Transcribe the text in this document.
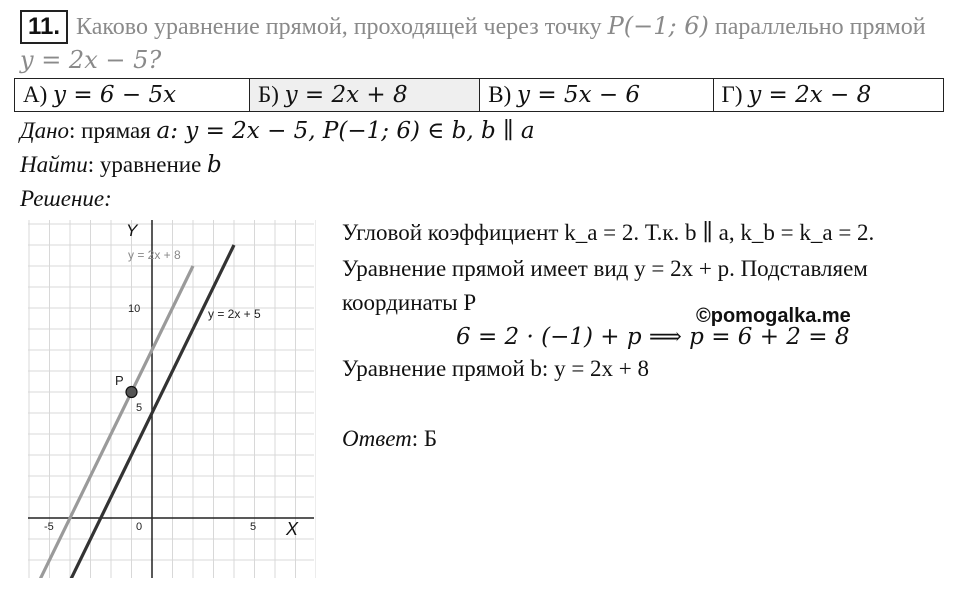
11. Каково уравнение прямой, проходящей через точку P(−1; 6) параллельно прямой
y = 2x − 5?
А) y = 6 − 5x	Б) y = 2x + 8	В) y = 5x − 6	Г) y = 2x − 8
Дано: прямая a: y = 2x − 5, P(−1; 6) ∈ b, b ∥ a
Найти: уравнение b
Решение:
Y
X
-5	0	5
10
5
y = 2x + 8
y = 2x + 5
P
Угловой коэффициент k_a = 2. Т.к. b ∥ a, k_b = k_a = 2.
Уравнение прямой имеет вид y = 2x + p. Подставляем
координаты P
©pomogalka.me
6 = 2 · (−1) + p ⟹ p = 6 + 2 = 8
Уравнение прямой b: y = 2x + 8
Ответ: Б
